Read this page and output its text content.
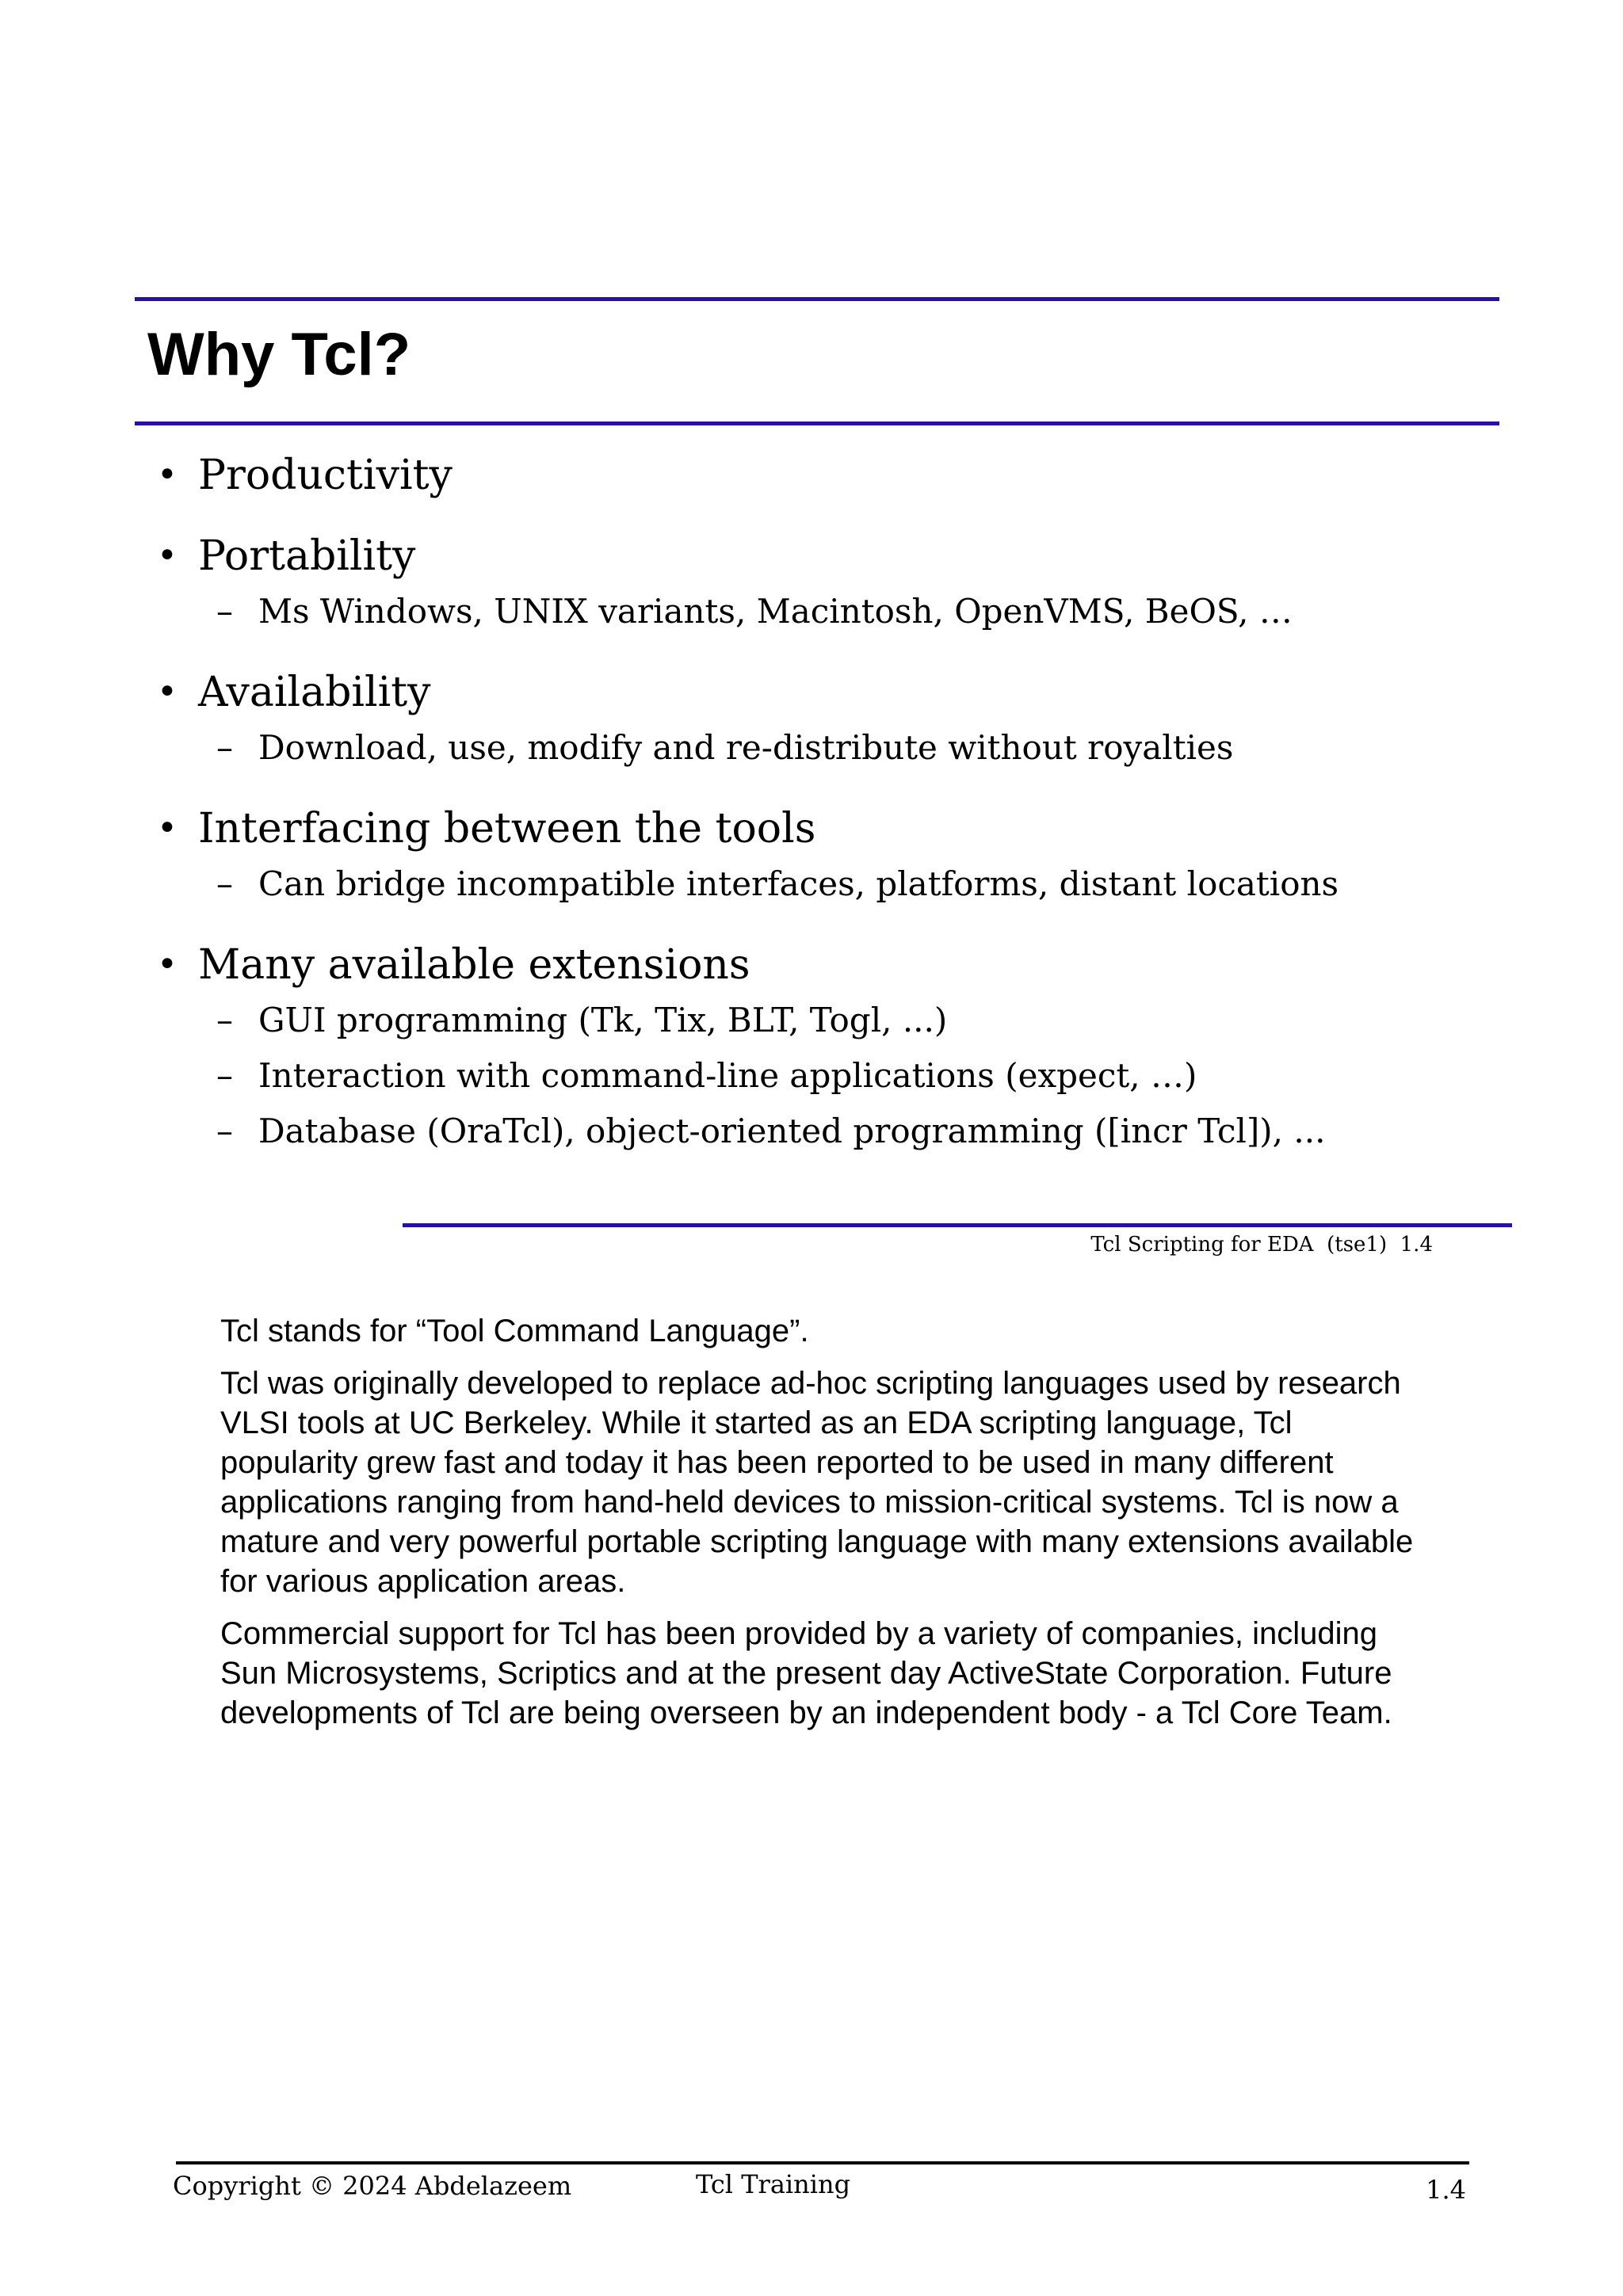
Why Tcl?
• Productivity
• Portability
– Ms Windows, UNIX variants, Macintosh, OpenVMS, BeOS, …
• Availability
– Download, use, modify and re-distribute without royalties
• Interfacing between the tools
– Can bridge incompatible interfaces, platforms, distant locations
• Many available extensions
– GUI programming (Tk, Tix, BLT, Togl, ...)
– Interaction with command-line applications (expect, …)
– Database (OraTcl), object-oriented programming ([incr Tcl]), ...
Tcl Scripting for EDA  (tse1)  1.4

Tcl stands for “Tool Command Language”.

Tcl was originally developed to replace ad-hoc scripting languages used by research VLSI tools at UC Berkeley. While it started as an EDA scripting language, Tcl popularity grew fast and today it has been reported to be used in many different applications ranging from hand-held devices to mission-critical systems. Tcl is now a mature and very powerful portable scripting language with many extensions available for various application areas.

Commercial support for Tcl has been provided by a variety of companies, including Sun Microsystems, Scriptics and at the present day ActiveState Corporation. Future developments of Tcl are being overseen by an independent body - a Tcl Core Team.

Copyright © 2024 Abdelazeem	Tcl Training	1.4
